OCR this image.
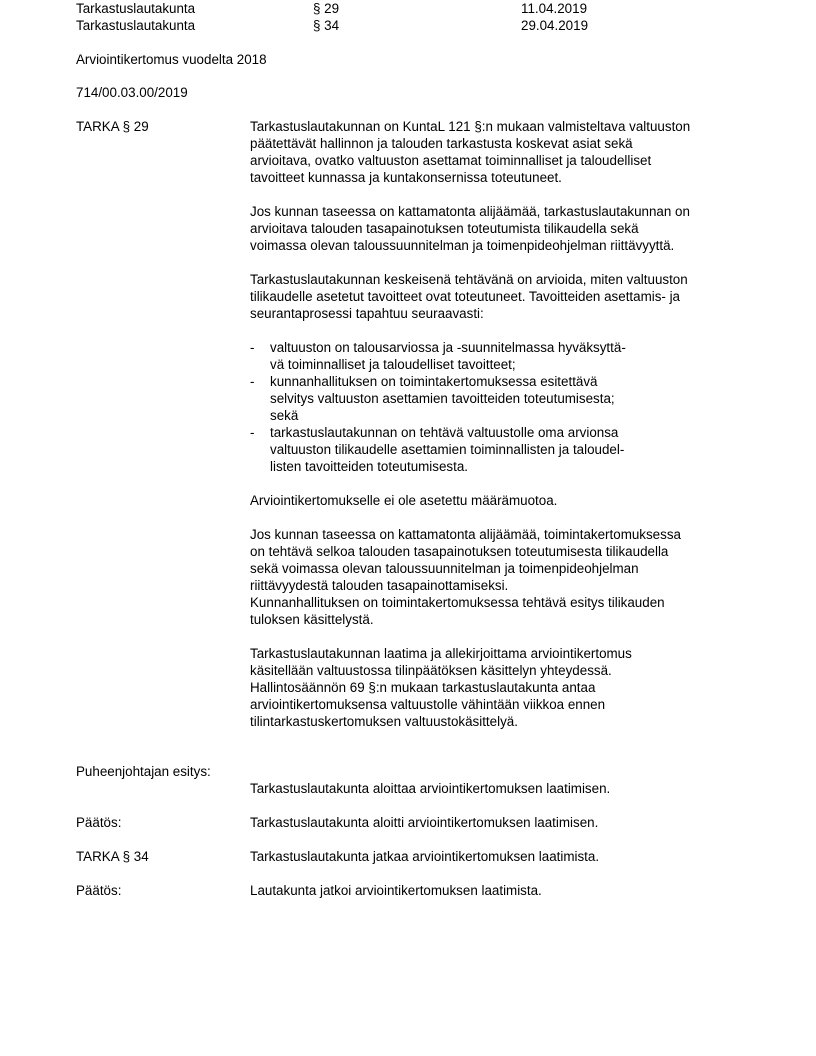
Tarkastuslautakunta	§ 29	11.04.2019

Tarkastuslautakunta	§ 34	29.04.2019

Arviointikertomus vuodelta 2018

714/00.03.00/2019

TARKA § 29	Tarkastuslautakunnan on KuntaL 121 §:n mukaan valmisteltava valtuuston

päätettävät hallinnon ja talouden tarkastusta koskevat asiat sekä

arvioitava, ovatko valtuuston asettamat toiminnalliset ja taloudelliset

tavoitteet kunnassa ja kuntakonsernissa toteutuneet.

Jos kunnan taseessa on kattamatonta alijäämää, tarkastuslautakunnan on

arvioitava talouden tasapainotuksen toteutumista tilikaudella sekä

voimassa olevan taloussuunnitelman ja toimenpideohjelman riittävyyttä.

Tarkastuslautakunnan keskeisenä tehtävänä on arvioida, miten valtuuston

tilikaudelle asetetut tavoitteet ovat toteutuneet. Tavoitteiden asettamis- ja

seurantaprosessi tapahtuu seuraavasti:

- valtuuston on talousarviossa ja -suunnitelmassa hyväksyttä-

vä toiminnalliset ja taloudelliset tavoitteet;

- kunnanhallituksen on toimintakertomuksessa esitettävä

selvitys valtuuston asettamien tavoitteiden toteutumisesta;

sekä

- tarkastuslautakunnan on tehtävä valtuustolle oma arvionsa

valtuuston tilikaudelle asettamien toiminnallisten ja taloudel-

listen tavoitteiden toteutumisesta.

Arviointikertomukselle ei ole asetettu määrämuotoa.

Jos kunnan taseessa on kattamatonta alijäämää, toimintakertomuksessa

on tehtävä selkoa talouden tasapainotuksen toteutumisesta tilikaudella

sekä voimassa olevan taloussuunnitelman ja toimenpideohjelman

riittävyydestä talouden tasapainottamiseksi.

Kunnanhallituksen on toimintakertomuksessa tehtävä esitys tilikauden

tuloksen käsittelystä.

Tarkastuslautakunnan laatima ja allekirjoittama arviointikertomus

käsitellään valtuustossa tilinpäätöksen käsittelyn yhteydessä.

Hallintosäännön 69 §:n mukaan tarkastuslautakunta antaa

arviointikertomuksensa valtuustolle vähintään viikkoa ennen

tilintarkastuskertomuksen valtuustokäsittelyä.

Puheenjohtajan esitys:

Tarkastuslautakunta aloittaa arviointikertomuksen laatimisen.

Päätös:	Tarkastuslautakunta aloitti arviointikertomuksen laatimisen.

TARKA § 34	Tarkastuslautakunta jatkaa arviointikertomuksen laatimista.

Päätös:	Lautakunta jatkoi arviointikertomuksen laatimista.
